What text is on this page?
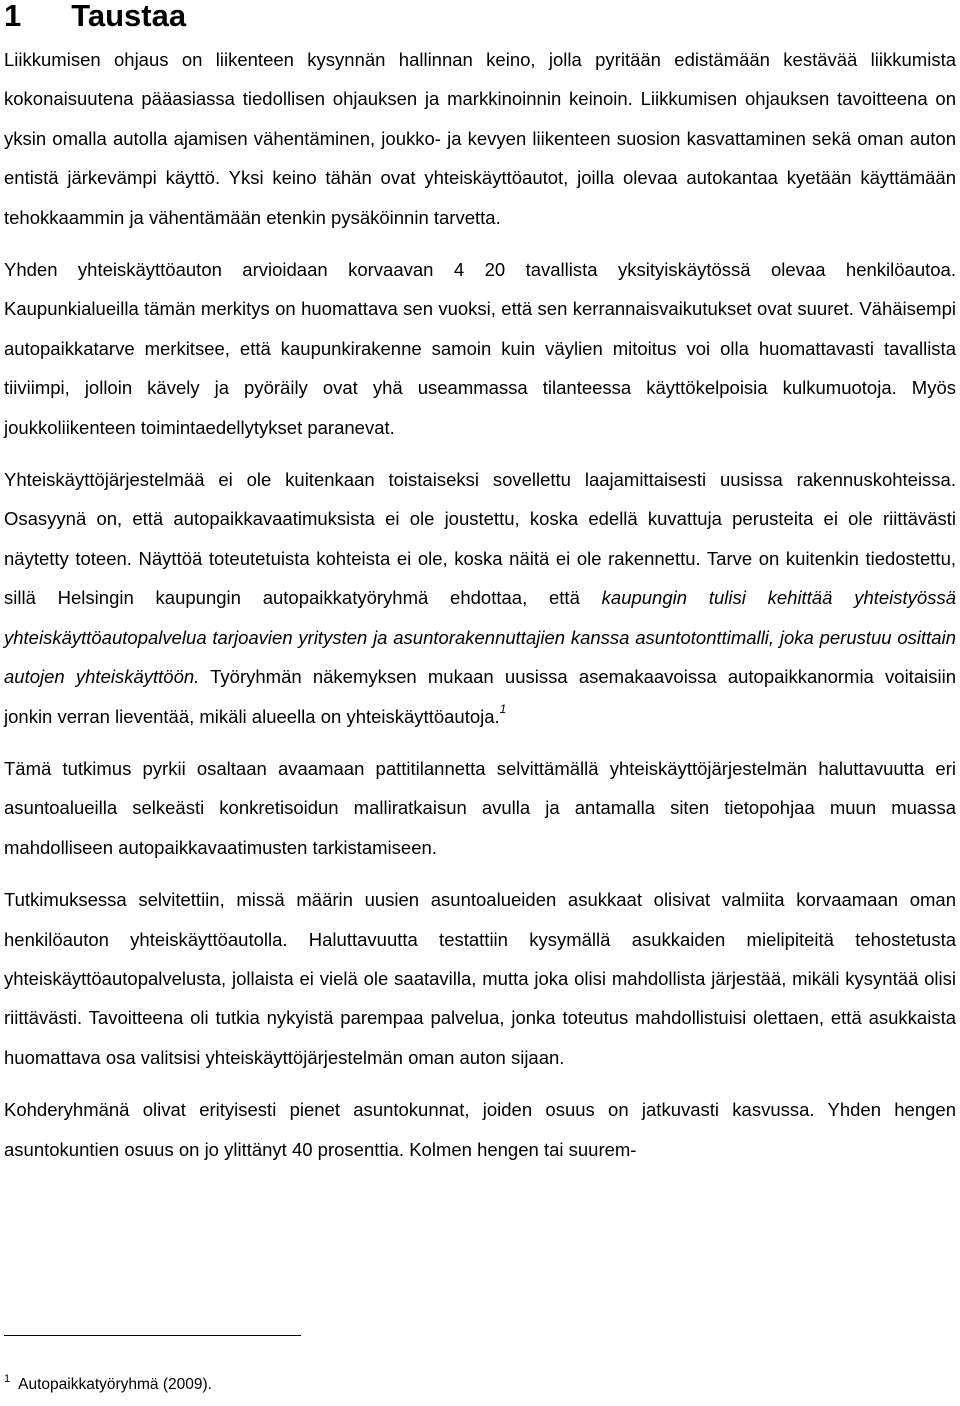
1 Taustaa

Liikkumisen ohjaus on liikenteen kysynnän hallinnan keino, jolla pyritään edistämään kestävää liikkumista kokonaisuutena pääasiassa tiedollisen ohjauksen ja markkinoinnin keinoin. Liikkumisen ohjauksen tavoitteena on yksin omalla autolla ajamisen vähentäminen, joukko- ja kevyen liikenteen suosion kasvattaminen sekä oman auton entistä järkevämpi käyttö. Yksi keino tähän ovat yhteiskäyttöautot, joilla olevaa autokantaa kyetään käyttämään tehokkaammin ja vähentämään etenkin pysäköinnin tarvetta.

Yhden yhteiskäyttöauton arvioidaan korvaavan 4 20 tavallista yksityiskäytössä olevaa henkilöautoa. Kaupunkialueilla tämän merkitys on huomattava sen vuoksi, että sen kerrannaisvaikutukset ovat suuret. Vähäisempi autopaikkatarve merkitsee, että kaupunkirakenne samoin kuin väylien mitoitus voi olla huomattavasti tavallista tiiviimpi, jolloin kävely ja pyöräily ovat yhä useammassa tilanteessa käyttökelpoisia kulkumuotoja. Myös joukkoliikenteen toimintaedellytykset paranevat.

Yhteiskäyttöjärjestelmää ei ole kuitenkaan toistaiseksi sovellettu laajamittaisesti uusissa rakennuskohteissa. Osasyynä on, että autopaikkavaatimuksista ei ole joustettu, koska edellä kuvattuja perusteita ei ole riittävästi näytetty toteen. Näyttöä toteutetuista kohteista ei ole, koska näitä ei ole rakennettu. Tarve on kuitenkin tiedostettu, sillä Helsingin kaupungin autopaikkatyöryhmä ehdottaa, että kaupungin tulisi kehittää yhteistyössä yhteiskäyttöautopalvelua tarjoavien yritysten ja asuntorakennuttajien kanssa asuntotonttimalli, joka perustuu osittain autojen yhteiskäyttöön. Työryhmän näkemyksen mukaan uusissa asemakaavoissa autopaikkanormia voitaisiin jonkin verran lieventää, mikäli alueella on yhteiskäyttöautoja.$^1$

Tämä tutkimus pyrkii osaltaan avaamaan pattitilannetta selvittämällä yhteiskäyttöjärjestelmän haluttavuutta eri asuntoalueilla selkeästi konkretisoidun malliratkaisun avulla ja antamalla siten tietopohjaa muun muassa mahdolliseen autopaikkavaatimusten tarkistamiseen.

Tutkimuksessa selvitettiin, missä määrin uusien asuntoalueiden asukkaat olisivat valmiita korvaamaan oman henkilöauton yhteiskäyttöautolla. Haluttavuutta testattiin kysymällä asukkaiden mielipiteitä tehostetusta yhteiskäyttöautopalvelusta, jollaista ei vielä ole saatavilla, mutta joka olisi mahdollista järjestää, mikäli kysyntää olisi riittävästi. Tavoitteena oli tutkia nykyistä parempaa palvelua, jonka toteutus mahdollistuisi olettaen, että asukkaista huomattava osa valitsisi yhteiskäyttöjärjestelmän oman auton sijaan.

Kohderyhmänä olivat erityisesti pienet asuntokunnat, joiden osuus on jatkuvasti kasvussa. Yhden hengen asuntokuntien osuus on jo ylittänyt 40 prosenttia. Kolmen hengen tai suurem-

$^1$ Autopaikkatyöryhmä (2009).
